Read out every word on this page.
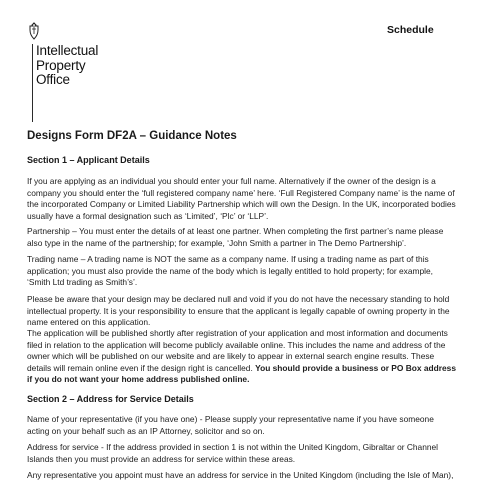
Intellectual
Property
Office
Schedule
Designs Form DF2A – Guidance Notes
Section 1 – Applicant Details
If you are applying as an individual you should enter your full name. Alternatively if the owner of the design is a company you should enter the ‘full registered company name’ here. ‘Full Registered Company name’ is the name of the incorporated Company or Limited Liability Partnership which will own the Design. In the UK, incorporated bodies usually have a formal designation such as ‘Limited’, ‘Plc’ or ‘LLP’.
Partnership – You must enter the details of at least one partner. When completing the first partner’s name please also type in the name of the partnership; for example, ‘John Smith a partner in The Demo Partnership’.
Trading name – A trading name is NOT the same as a company name. If using a trading name as part of this application; you must also provide the name of the body which is legally entitled to hold property; for example, ‘Smith Ltd trading as Smith’s’.
Please be aware that your design may be declared null and void if you do not have the necessary standing to hold intellectual property. It is your responsibility to ensure that the applicant is legally capable of owning property in the name entered on this application.
The application will be published shortly after registration of your application and most information and documents filed in relation to the application will become publicly available online. This includes the name and address of the owner which will be published on our website and are likely to appear in external search engine results. These details will remain online even if the design right is cancelled. You should provide a business or PO Box address if you do not want your home address published online.
Section 2 – Address for Service Details
Name of your representative (if you have one) - Please supply your representative name if you have someone acting on your behalf such as an IP Attorney, solicitor and so on.
Address for service - If the address provided in section 1 is not within the United Kingdom, Gibraltar or Channel Islands then you must provide an address for service within these areas.
Any representative you appoint must have an address for service in the United Kingdom (including the Isle of Man),
